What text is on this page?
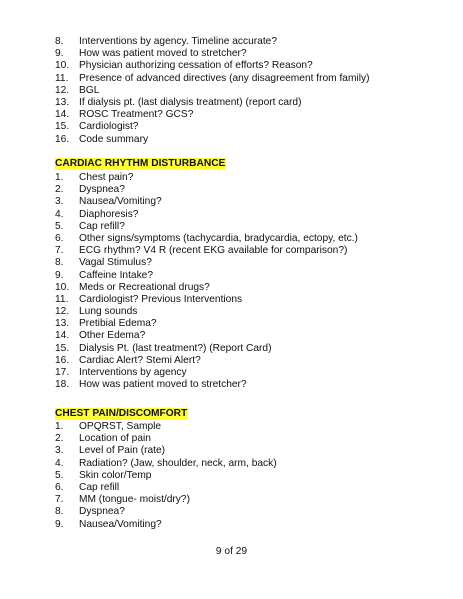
8.	Interventions by agency. Timeline accurate?
9.	How was patient moved to stretcher?
10. Physician authorizing cessation of efforts? Reason?
11.	Presence of advanced directives (any disagreement from family)
12. BGL
13. If dialysis pt. (last dialysis treatment) (report card)
14. ROSC Treatment? GCS?
15. Cardiologist?
16. Code summary
CARDIAC RHYTHM DISTURBANCE
1.	Chest pain?
2.	Dyspnea?
3.	Nausea/Vomiting?
4.	Diaphoresis?
5.	Cap refill?
6.	Other signs/symptoms (tachycardia, bradycardia, ectopy, etc.)
7.	ECG rhythm? V4 R (recent EKG available for comparison?)
8.	Vagal Stimulus?
9.	Caffeine Intake?
10. Meds or Recreational drugs?
11.	Cardiologist? Previous Interventions
12. Lung sounds
13. Pretibial Edema?
14. Other Edema?
15. Dialysis Pt. (last treatment?) (Report Card)
16. Cardiac Alert? Stemi Alert?
17. Interventions by agency
18. How was patient moved to stretcher?
CHEST PAIN/DISCOMFORT
1.	OPQRST, Sample
2.	Location of pain
3.	Level of Pain (rate)
4.	Radiation? (Jaw, shoulder, neck, arm, back)
5.	Skin color/Temp
6.	Cap refill
7.	MM (tongue- moist/dry?)
8.	Dyspnea?
9.	Nausea/Vomiting?
9 of 29
